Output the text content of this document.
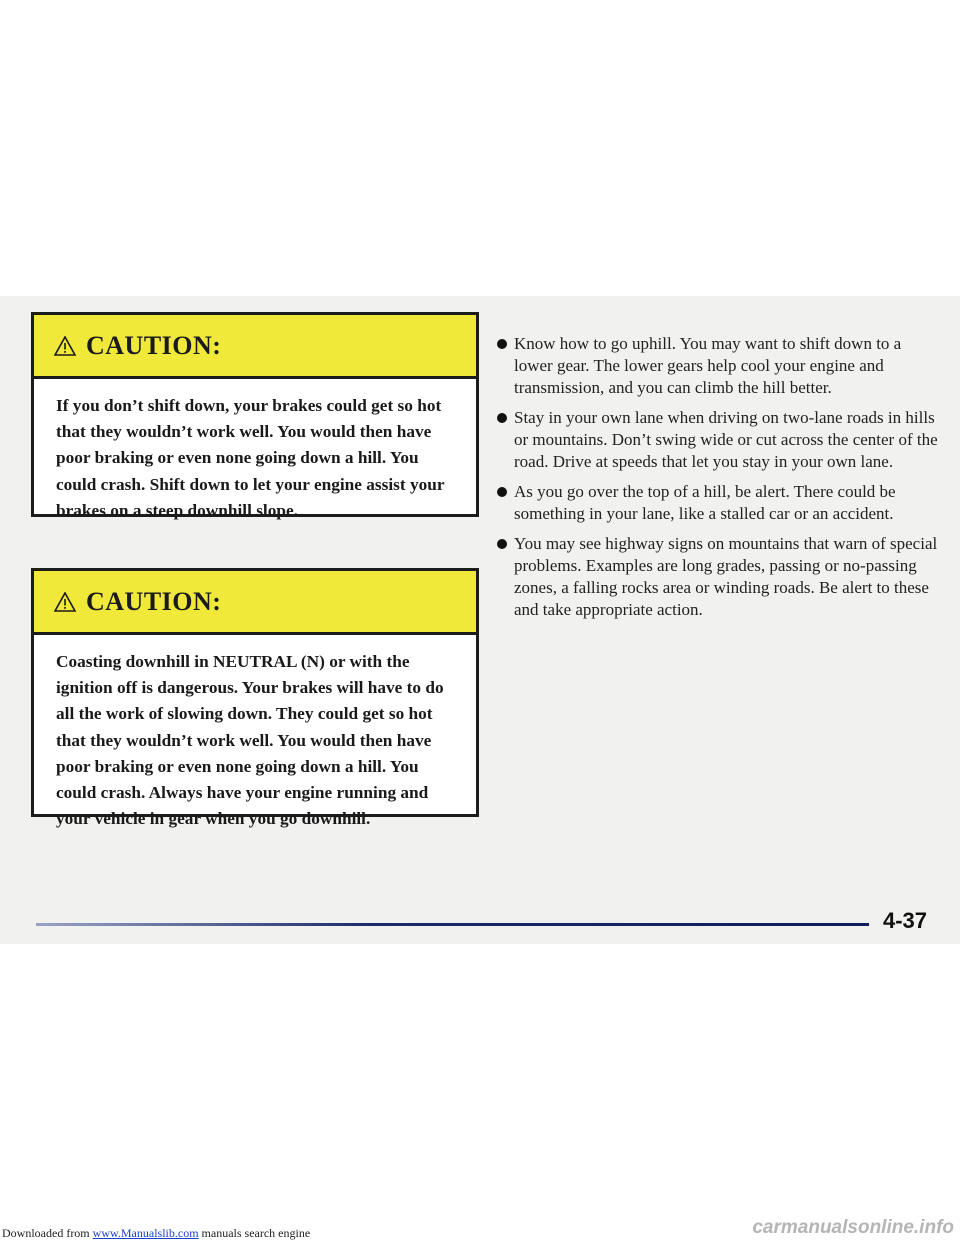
CAUTION:
If you don’t shift down, your brakes could get so hot that they wouldn’t work well. You would then have poor braking or even none going down a hill. You could crash. Shift down to let your engine assist your brakes on a steep downhill slope.
CAUTION:
Coasting downhill in NEUTRAL (N) or with the ignition off is dangerous. Your brakes will have to do all the work of slowing down. They could get so hot that they wouldn’t work well. You would then have poor braking or even none going down a hill. You could crash. Always have your engine running and your vehicle in gear when you go downhill.
Know how to go uphill. You may want to shift down to a lower gear. The lower gears help cool your engine and transmission, and you can climb the hill better.
Stay in your own lane when driving on two-lane roads in hills or mountains. Don’t swing wide or cut across the center of the road. Drive at speeds that let you stay in your own lane.
As you go over the top of a hill, be alert. There could be something in your lane, like a stalled car or an accident.
You may see highway signs on mountains that warn of special problems. Examples are long grades, passing or no-passing zones, a falling rocks area or winding roads. Be alert to these and take appropriate action.
4-37
Downloaded from www.Manualslib.com manuals search engine	carmanualsonline.info
